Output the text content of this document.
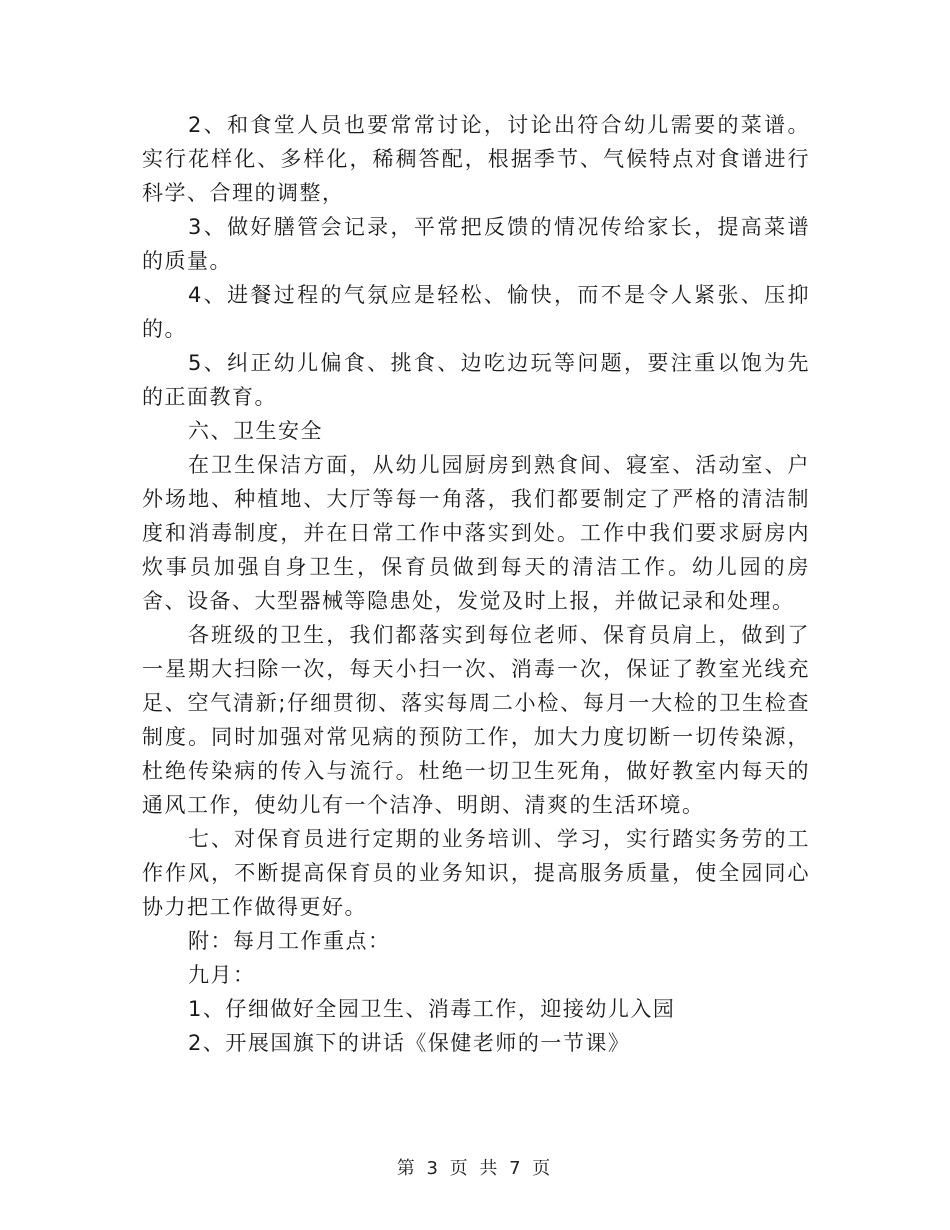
2、和食堂人员也要常常讨论，讨论出符合幼儿需要的菜谱。实行花样化、多样化，稀稠答配，根据季节、气候特点对食谱进行科学、合理的调整，

3、做好膳管会记录，平常把反馈的情况传给家长，提高菜谱的质量。

4、进餐过程的气氛应是轻松、愉快，而不是令人紧张、压抑的。

5、纠正幼儿偏食、挑食、边吃边玩等问题，要注重以饱为先的正面教育。

六、卫生安全

在卫生保洁方面，从幼儿园厨房到熟食间、寝室、活动室、户外场地、种植地、大厅等每一角落，我们都要制定了严格的清洁制度和消毒制度，并在日常工作中落实到处。工作中我们要求厨房内炊事员加强自身卫生，保育员做到每天的清洁工作。幼儿园的房舍、设备、大型器械等隐患处，发觉及时上报，并做记录和处理。

各班级的卫生，我们都落实到每位老师、保育员肩上，做到了一星期大扫除一次，每天小扫一次、消毒一次，保证了教室光线充足、空气清新;仔细贯彻、落实每周二小检、每月一大检的卫生检查制度。同时加强对常见病的预防工作，加大力度切断一切传染源，杜绝传染病的传入与流行。杜绝一切卫生死角，做好教室内每天的通风工作，使幼儿有一个洁净、明朗、清爽的生活环境。

七、对保育员进行定期的业务培训、学习，实行踏实务劳的工作作风，不断提高保育员的业务知识，提高服务质量，使全园同心协力把工作做得更好。

附：每月工作重点：

九月：

1、仔细做好全园卫生、消毒工作，迎接幼儿入园

2、开展国旗下的讲话《保健老师的一节课》

第 3 页 共 7 页
